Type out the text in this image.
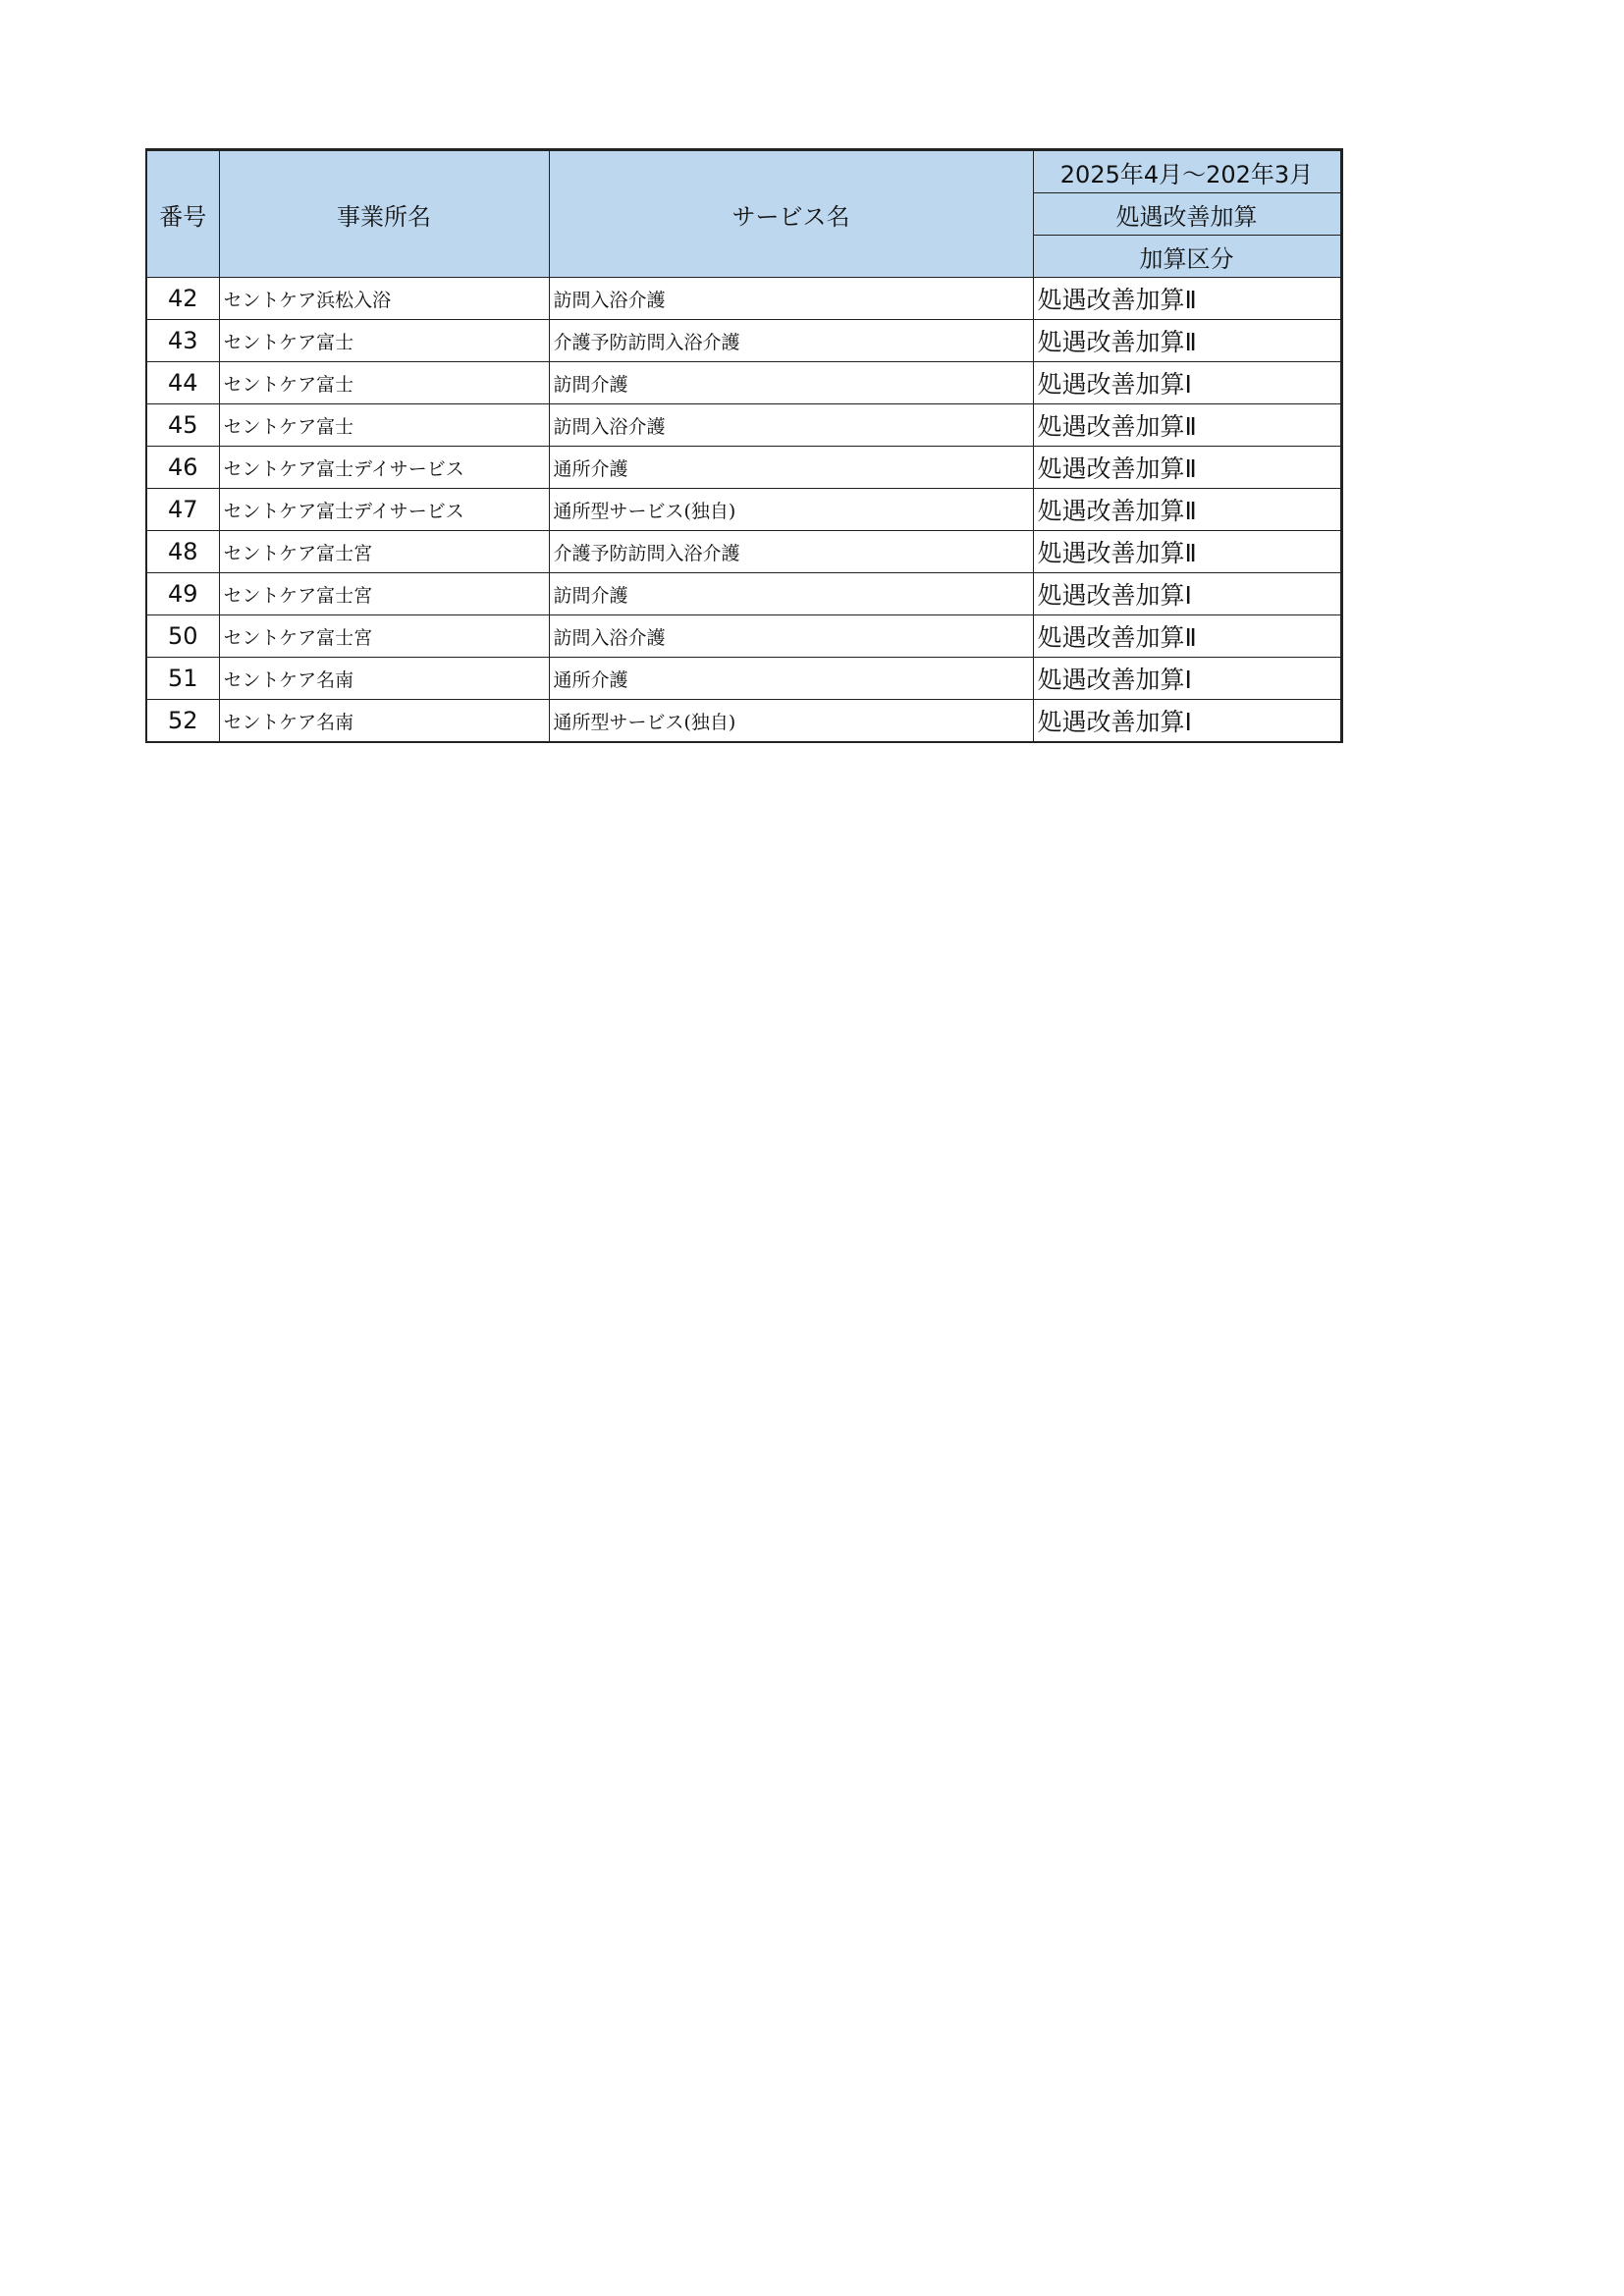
番号	事業所名	サービス名	2025年4月～202年3月
			処遇改善加算
			加算区分
42	セントケア浜松入浴	訪問入浴介護	処遇改善加算Ⅱ
43	セントケア富士	介護予防訪問入浴介護	処遇改善加算Ⅱ
44	セントケア富士	訪問介護	処遇改善加算Ⅰ
45	セントケア富士	訪問入浴介護	処遇改善加算Ⅱ
46	セントケア富士デイサービス	通所介護	処遇改善加算Ⅱ
47	セントケア富士デイサービス	通所型サービス(独自)	処遇改善加算Ⅱ
48	セントケア富士宮	介護予防訪問入浴介護	処遇改善加算Ⅱ
49	セントケア富士宮	訪問介護	処遇改善加算Ⅰ
50	セントケア富士宮	訪問入浴介護	処遇改善加算Ⅱ
51	セントケア名南	通所介護	処遇改善加算Ⅰ
52	セントケア名南	通所型サービス(独自)	処遇改善加算Ⅰ
